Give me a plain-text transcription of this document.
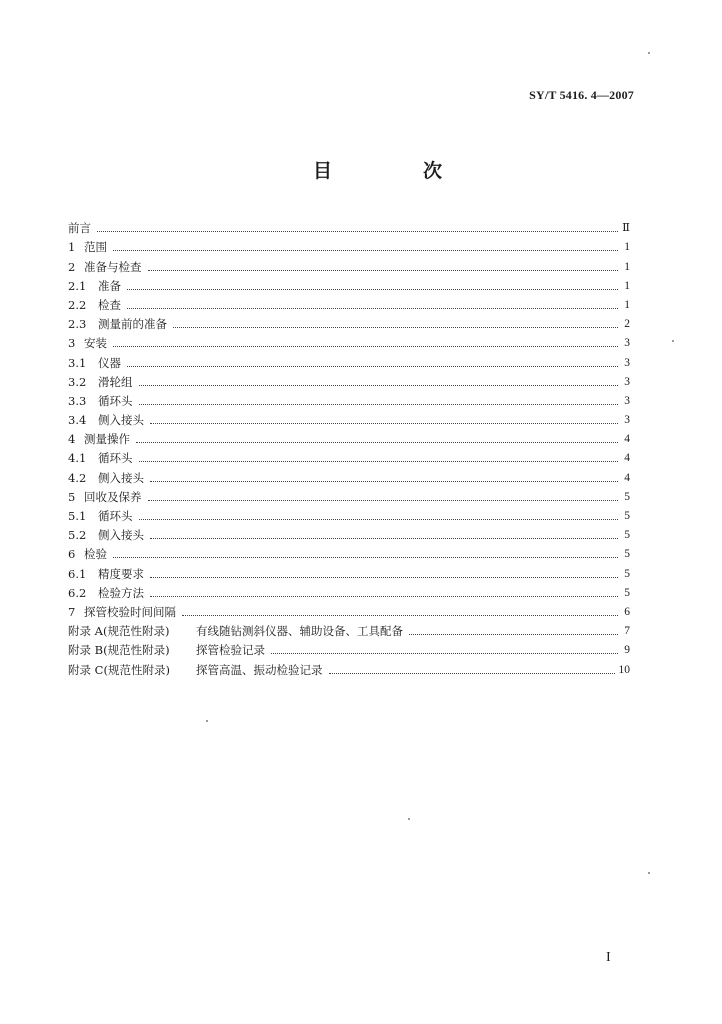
SY/T 5416. 4—2007
目　次
前言	Ⅱ
1 范围	1
2 准备与检查	1
2.1	准备	1
2.2	检查	1
2.3	测量前的准备	2
3 安装	3
3.1	仪器	3
3.2	滑轮组	3
3.3	循环头	3
3.4	侧入接头	3
4 测量操作	4
4.1	循环头	4
4.2	侧入接头	4
5 回收及保养	5
5.1	循环头	5
5.2	侧入接头	5
6 检验	5
6.1	精度要求	5
6.2	检验方法	5
7 探管校验时间间隔	6
附录 A(规范性附录)	有线随钻测斜仪器、辅助设备、工具配备	7
附录 B(规范性附录)	探管检验记录	9
附录 C(规范性附录)	探管高温、振动检验记录	10
I
